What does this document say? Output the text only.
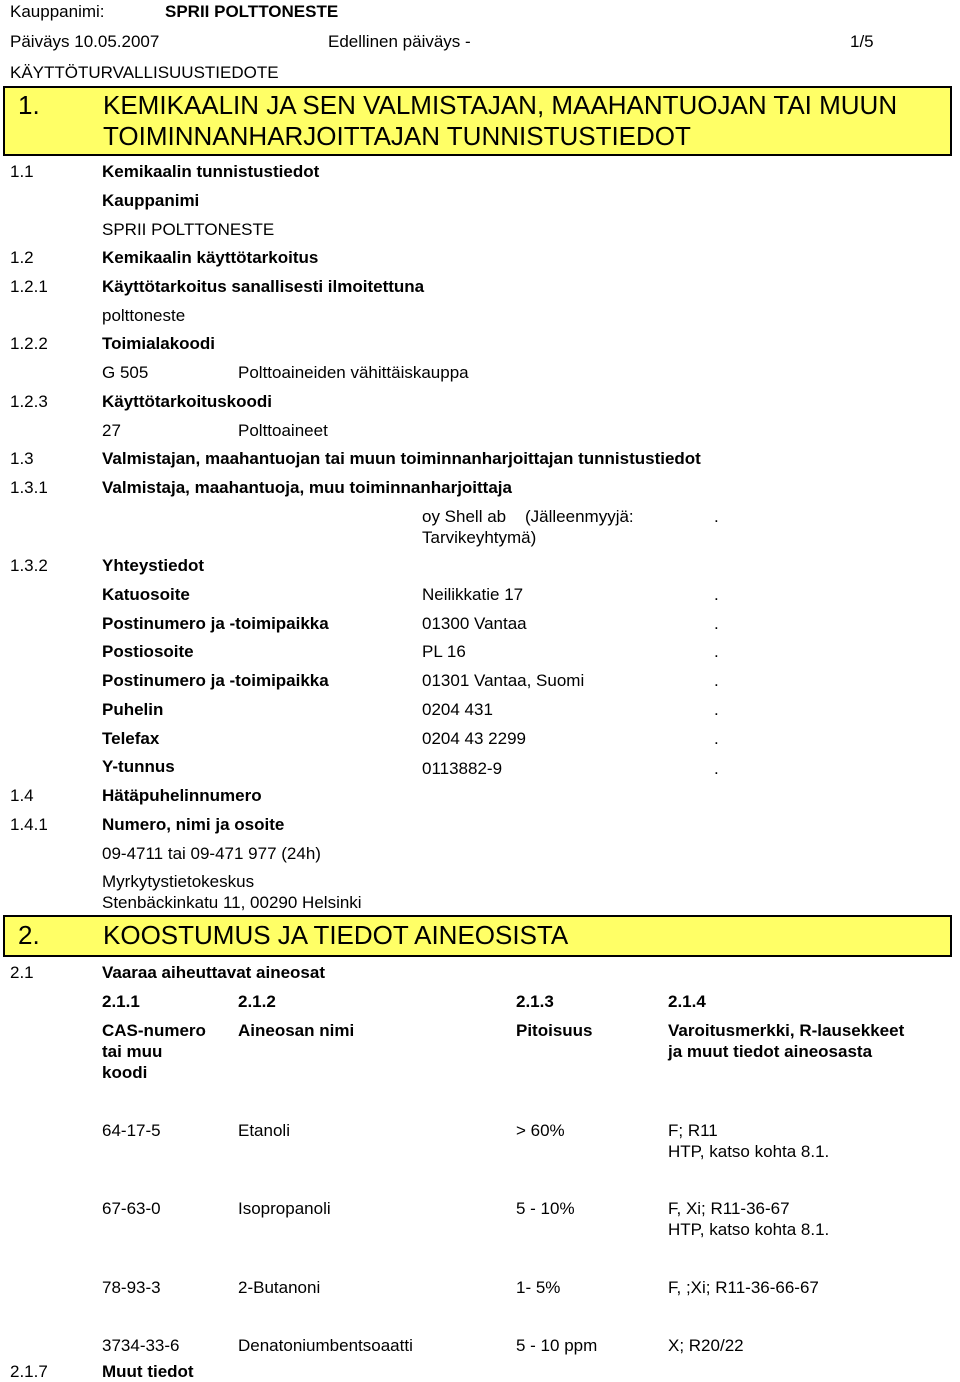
Kauppanimi:	SPRII POLTTONESTE
Päiväys 10.05.2007	Edellinen päiväys -	1/5
KÄYTTÖTURVALLISUUSTIEDOTE
1. KEMIKAALIN JA SEN VALMISTAJAN, MAAHANTUOJAN TAI MUUN
TOIMINNANHARJOITTAJAN TUNNISTUSTIEDOT
1.1	Kemikaalin tunnistustiedot
Kauppanimi
SPRII POLTTONESTE
1.2	Kemikaalin käyttötarkoitus
1.2.1	Käyttötarkoitus sanallisesti ilmoitettuna
polttoneste
1.2.2	Toimialakoodi
G 505	Polttoaineiden vähittäiskauppa
1.2.3	Käyttötarkoituskoodi
27	Polttoaineet
1.3	Valmistajan, maahantuojan tai muun toiminnanharjoittajan tunnistustiedot
1.3.1	Valmistaja, maahantuoja, muu toiminnanharjoittaja
oy Shell ab    (Jälleenmyyjä:	.
Tarvikeyhtymä)
1.3.2	Yhteystiedot
Katuosoite	Neilikkatie 17	.
Postinumero ja -toimipaikka	01300 Vantaa	.
Postiosoite	PL 16	.
Postinumero ja -toimipaikka	01301 Vantaa, Suomi	.
Puhelin	0204 431	.
Telefax	0204 43 2299	.
Y-tunnus	0113882-9	.
1.4	Hätäpuhelinnumero
1.4.1	Numero, nimi ja osoite
09-4711 tai 09-471 977 (24h)
Myrkytystietokeskus
Stenbäckinkatu 11, 00290 Helsinki
2. KOOSTUMUS JA TIEDOT AINEOSISTA
2.1	Vaaraa aiheuttavat aineosat
2.1.1	2.1.2	2.1.3	2.1.4
CAS-numero
tai muu
koodi
Aineosan nimi	Pitoisuus	Varoitusmerkki, R-lausekkeet
ja muut tiedot aineosasta
64-17-5	Etanoli	> 60%	F; R11
HTP, katso kohta 8.1.
67-63-0	Isopropanoli	5 - 10%	F, Xi; R11-36-67
HTP, katso kohta 8.1.
78-93-3	2-Butanoni	1- 5%	F, ;Xi; R11-36-66-67
3734-33-6	Denatoniumbentsoaatti	5 - 10 ppm	X; R20/22
2.1.7	Muut tiedot
